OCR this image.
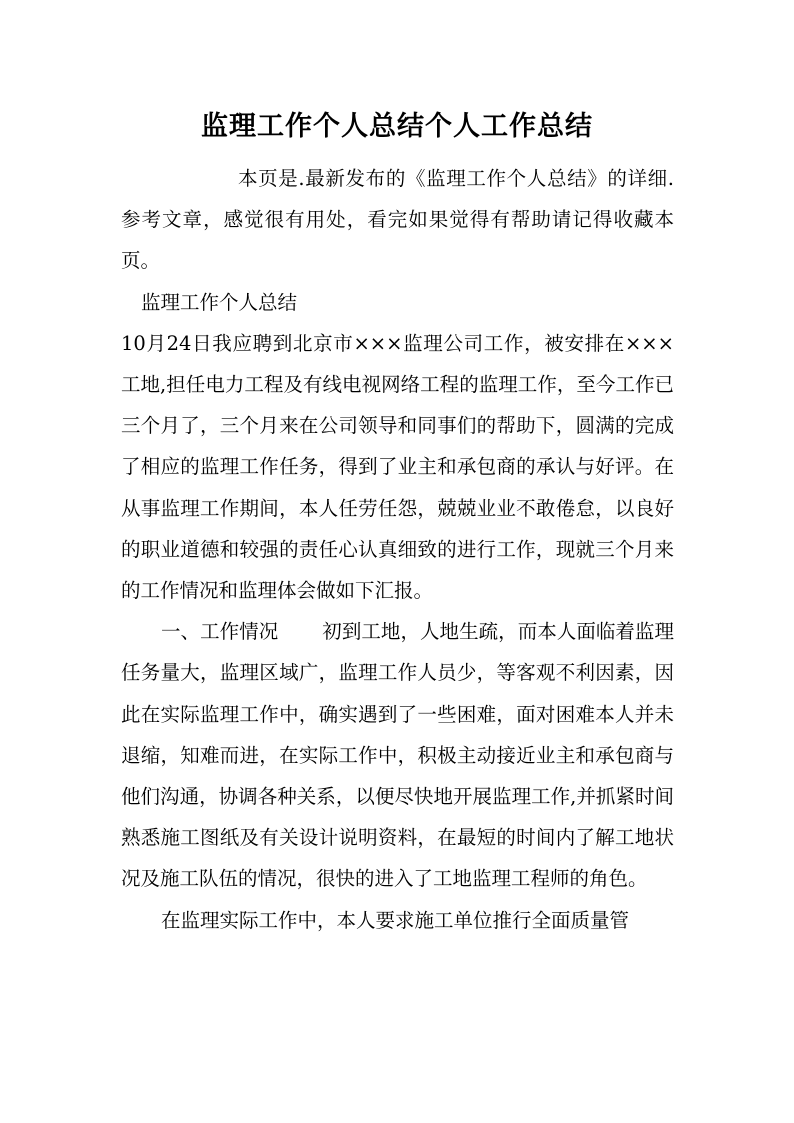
监理工作个人总结个人工作总结

本页是.最新发布的《监理工作个人总结》的详细.参考文章，感觉很有用处，看完如果觉得有帮助请记得收藏本页。

监理工作个人总结

10月24日我应聘到北京市×××监理公司工作，被安排在×××工地,担任电力工程及有线电视网络工程的监理工作，至今工作已三个月了，三个月来在公司领导和同事们的帮助下，圆满的完成了相应的监理工作任务，得到了业主和承包商的承认与好评。在从事监理工作期间，本人任劳任怨，兢兢业业不敢倦怠，以良好的职业道德和较强的责任心认真细致的进行工作，现就三个月来的工作情况和监理体会做如下汇报。

一、工作情况 初到工地，人地生疏，而本人面临着监理任务量大，监理区域广，监理工作人员少，等客观不利因素，因此在实际监理工作中，确实遇到了一些困难，面对困难本人并未退缩，知难而进，在实际工作中，积极主动接近业主和承包商与他们沟通，协调各种关系，以便尽快地开展监理工作,并抓紧时间熟悉施工图纸及有关设计说明资料，在最短的时间内了解工地状况及施工队伍的情况，很快的进入了工地监理工程师的角色。

在监理实际工作中，本人要求施工单位推行全面质量管
